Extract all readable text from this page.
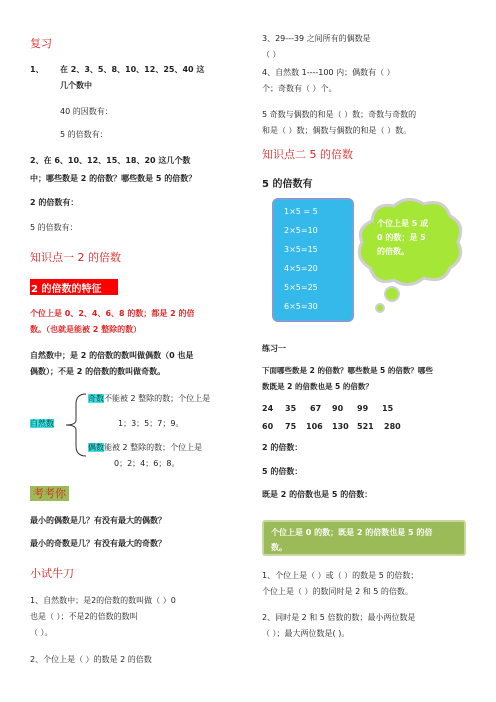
复习
1、 在 2、3、5、8、10、12、25、40 这
几个数中
40 的因数有：
5 的倍数有：
2、在 6、10、12、15、18、20 这几个数
中；哪些数是 2 的倍数？哪些数是 5 的倍数？
2 的倍数有：
5 的倍数有：
知识点一 2 的倍数
2 的倍数的特征
个位上是 0、2、4、6、8 的数；都是 2 的倍
数。（也就是能被 2 整除的数）
自然数中；是 2 的倍数的数叫做偶数（0 也是
偶数）；不是 2 的倍数的数叫做奇数。
自然数
奇数不能被 2 整除的数；个位上是
1；3；5；7；9。
偶数能被 2 整除的数；个位上是
0；2；4；6；8。
考考你
最小的偶数是几？有没有最大的偶数？
最小的奇数是几？有没有最大的奇数？
小试牛刀
1、自然数中；是2的倍数的数叫做（ ）0
也是（ ）；不是2的倍数的数叫
（ ）。
2、个位上是（ ）的数是 2 的倍数
3、29---39 之间所有的偶数是
（ ）
4、自然数 1----100 内；偶数有（ ）
个；奇数有（ ）个。
5 奇数与偶数的和是（ ）数；奇数与奇数的
和是（ ）数；偶数与偶数的和是（ ）数。
知识点二 5 的倍数
5 的倍数有
1×5 = 5
2×5=10
3×5=15
4×5=20
5×5=25
6×5=30
个位上是 5 或
0 的数；是 5
的倍数。
练习一
下面哪些数是 2 的倍数？哪些数是 5 的倍数？哪些
数既是 2 的倍数也是 5 的倍数？
24 35 67 90 99 15
60 75 106 130 521 280
2 的倍数：
5 的倍数：
既是 2 的倍数也是 5 的倍数：
个位上是 0 的数；既是 2 的倍数也是 5 的倍
数。
1、个位上是（ ）或（ ）的数是 5 的倍数；
个位上是（ ）的数同时是 2 和 5 的倍数。
2、同时是 2 和 5 倍数的数；最小两位数是
（ ）；最大两位数是( )。
